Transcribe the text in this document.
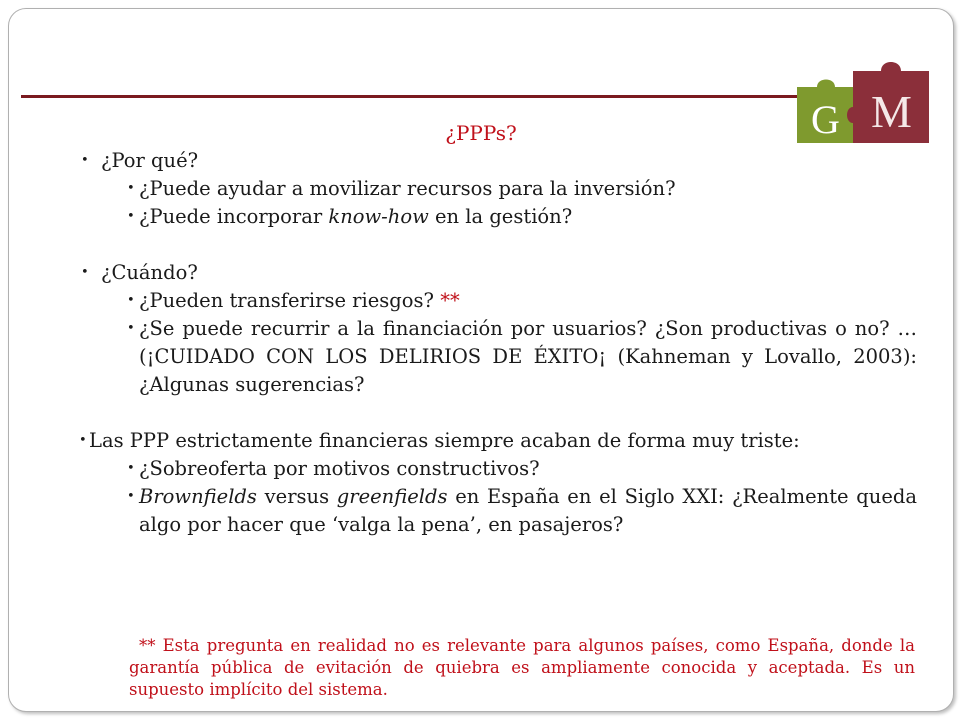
G M
¿PPPs?

• ¿Por qué?

• ¿Puede ayudar a movilizar recursos para la inversión?

• ¿Puede incorporar know-how en la gestión?

• ¿Cuándo?

• ¿Pueden transferirse riesgos? **

• ¿Se puede recurrir a la financiación por usuarios? ¿Son productivas o no? …(¡CUIDADO CON LOS DELIRIOS DE ÉXITO¡ (Kahneman y Lovallo, 2003): ¿Algunas sugerencias?

• Las PPP estrictamente financieras siempre acaban de forma muy triste:

• ¿Sobreoferta por motivos constructivos?

• Brownfields versus greenfields en España en el Siglo XXI: ¿Realmente queda algo por hacer que ‘valga la pena’, en pasajeros?

** Esta pregunta en realidad no es relevante para algunos países, como España, donde la garantía pública de evitación de quiebra es ampliamente conocida y aceptada. Es un supuesto implícito del sistema.
